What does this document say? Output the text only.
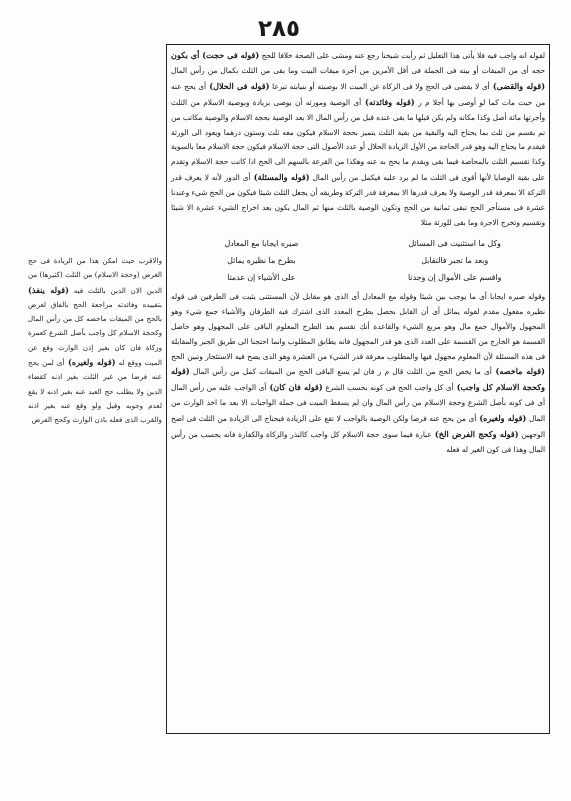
٢٨٥

لقوله انه واجب فيه فلا يأتى هذا التعليل ثم رأيت شيخنا رجع عنه ومشى على الصحة خلافا للحج (قوله فى حجت) أى بكون حجه أى من الميقات أو بيته فى الجملة فى أقل الأمرين من أجرة ميقات البيت وما بقى من الثلث بكمال من رأس المال (قوله والقضى) أى لا يقضى فى الحج ولا فى الزكاة عن الميت الا بوصيته أو بنيابته تبرعا (قوله فى الحلال) أى يحج عنه من حيث مات كما لو أوصى بها أجلا م ر (قوله وفائدته) أى الوصية ومورثه أن يوصى بزيادة وبوصية الاسلام من الثلث وأجرتها ماثة أصل وكذا مكانه ولم يكن قبلها ما بقى عنده قبل من رأس المال الا بعد الوصية بحجة الاسلام والوصية مكاتب من تم بقسم من ثلث بما يحتاج اليه والبقية من بقية الثلث يتميز بحجة الاسلام فيكون معه ثلث وستون درهما ويعود الى الورثة فيقدم ما يحتاج اليه وهو قدر الحاجة من الأول الزيادة الحلال أو عدد الأصول التى حجة الاسلام فيكون حجة الاسلام معا بالسوية وكذا تقسيم الثلث بالمحاصة فيما بقى ويقدم ما يحج به عنه وهكذا من القرعة بالسهم الى الحج اذا كانت حجة الاسلام وتقدم على بقية الوصايا لأنها أقوى فى الثلث ما لم يرد عليه فيكمل من رأس المال (قوله والمسئلة) أى الدور لأنه لا يعرف قدر التركة الا بمعرفة قدر الوصية ولا يعرف قدرها الا بمعرفة قدر التركة وطريقه أن يجعل الثلث شيئا فيكون من الحج شيء وعندنا عشرة فى مستأجر الحج تبقى ثمانية من الحج وتكون الوصية بالثلث منها ثم المال يكون بعد اخراج الشيء عشرة الا شيئا وتقسيم وتخرج الاجرة وما بقى للورثة مثلا

وكل ما استثنيت فى المسائل
صيره ايجابا مع المعادل
وبعد ما تجبر فالتقابل
بطرح ما نظيره يماثل
واقسم على الأموال إن وجدتا
على الأشياء إن عدمتا

وقوله صيره ايجابا أى ما يوجب بين شيئا وقوله مع المعادل أى الذى هو مقابل لأن المستثنى يثبت فى الطرفين فى قوله نظيره مفعول مقدم لقوله يماثل أى أن القابل بحصل بطرح المعدد الذى اشترك فيه الطرفان والأشياء جمع شيء وهو المجهول والأموال جمع مال وهو مربع الشيء والقاعدة أنك تقسم بعد الطرح المعلوم الباقى على المجهول وهو حاصل القسمة هو الخارج من القسمة على العدد الذى هو قدر المجهول فانه يطابق المطلوب وانما احتجنا الى طريق الجبر والمقابلة فى هذه المسئلة لأن المعلوم مجهول فيها والمطلوب معرفة قدر الشيء من العشرة وهو الذى يصح فيه الاستئجار وتبين الحج (قوله ماخصه) أى ما يخص الحج من الثلث قال م ر فان لم يسع الباقى الحج من الميقات كمل من رأس المال (قوله وكحجة الاسلام كل واجب) أى كل واجب الحج فى كونه بحسب الشرع (قوله فان كان) أى الواجب عليه من رأس المال أى فى كونه بأصل الشرع وحجة الاسلام من رأس المال وان لم يسقط الميت فى جملة الواجبات الا بعد ما اخذ الوارث من المال (قوله ولغيره) أى من يحج عنه فرضا ولكن الوصية بالواجب لا تقع على الزيادة فيحتاج الى الزيادة من الثلث فى اصح الوجهين (قوله وكحج الفرض الخ) عبارة فيما سوى حجة الاسلام كل واجب كالنذر والزكاة والكفارة فانه يحسب من رأس المال وهذا فى كون الغير له فعله

والاقرب حيث امكن هذا من الزيادة فى حج الغرض (وحجة الاسلام) من الثلث (كثيرها) من الدين الان الدين بالثلث فيه (قوله ينفذ) بتقييده وفائدته مراجعة الحج بالفاق لغرض بالحج من الميقات ماخصه كل من رأس المال وكحجة الاسلام كل واجب بأصل الشرع كعمرة وزكاة فان كان بغير إذن الوارث وقع عن الميت ووقع له (قوله ولغيره) أى لمن يحج عنه فرضا من غير الثلث بغير اذنه كقضاء الدين ولا يطلب حج العبد عنه بغير اذنه لا يقع لعدم وجوبه وقيل ولو وقع عنه بغير اذنه والقرب الذى فعله باذن الوارث وكحج الفرض
